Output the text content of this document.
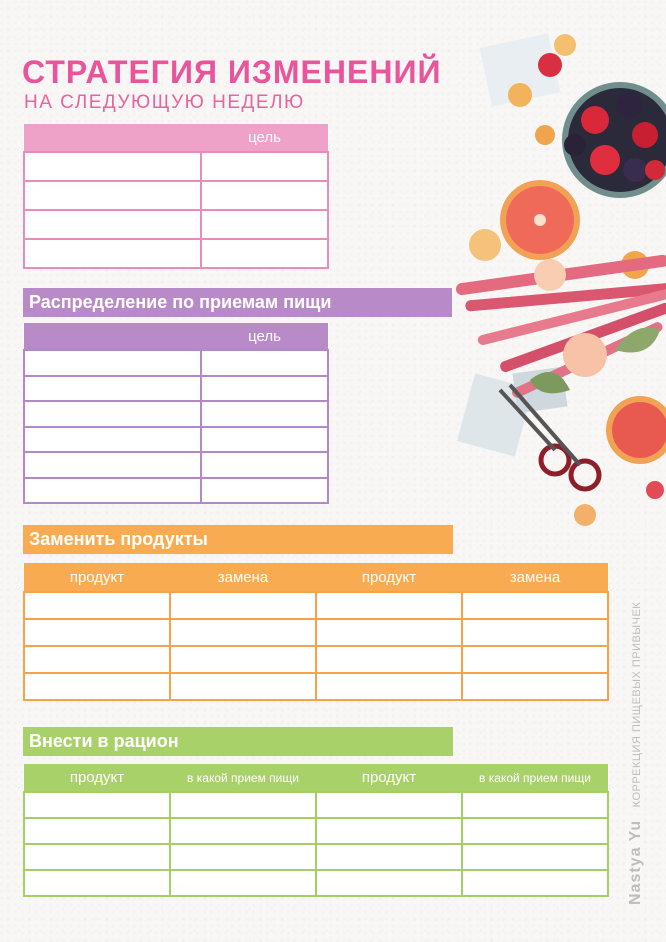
СТРАТЕГИЯ ИЗМЕНЕНИЙ
НА СЛЕДУЮЩУЮ НЕДЕЛЮ
	цель

Распределение по приемам пищи
	цель

Заменить продукты
продукт	замена	продукт	замена

Внести в рацион
продукт	в какой прием пищи	продукт	в какой прием пищи

Nastya Yu КОРРЕКЦИЯ ПИЩЕВЫХ ПРИВЫЧЕК
